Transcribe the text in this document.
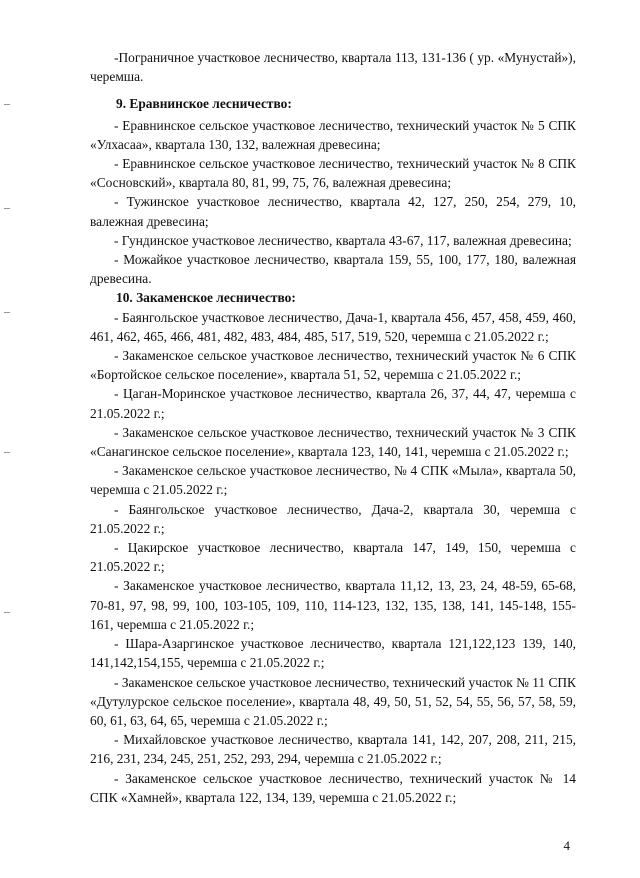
-Пограничное участковое лесничество, квартала 113, 131-136 ( ур. «Мунустай»), черемша.

9. Еравнинское лесничество:

- Еравнинское сельское участковое лесничество, технический участок № 5 СПК «Улхасаа», квартала 130, 132, валежная древесина;

- Еравнинское сельское участковое лесничество, технический участок № 8 СПК «Сосновский», квартала 80, 81, 99, 75, 76, валежная древесина;

- Тужинское участковое лесничество, квартала 42, 127, 250, 254, 279, 10, валежная древесина;

- Гундинское участковое лесничество, квартала 43-67, 117, валежная древесина;

- Можайкое участковое лесничество, квартала 159, 55, 100, 177, 180, валежная древесина.

10. Закаменское лесничество:

- Баянгольское участковое лесничество, Дача-1, квартала 456, 457, 458, 459, 460, 461, 462, 465, 466, 481, 482, 483, 484, 485, 517, 519, 520, черемша с 21.05.2022 г.;

- Закаменское сельское участковое лесничество, технический участок № 6 СПК «Бортойское сельское поселение», квартала 51, 52, черемша с 21.05.2022 г.;

- Цаган-Моринское участковое лесничество, квартала 26, 37, 44, 47, черемша с 21.05.2022 г.;

- Закаменское сельское участковое лесничество, технический участок № 3 СПК «Санагинское сельское поселение», квартала 123, 140, 141, черемша с 21.05.2022 г.;

- Закаменское сельское участковое лесничество, № 4 СПК «Мыла», квартала 50, черемша с 21.05.2022 г.;

- Баянгольское участковое лесничество, Дача-2, квартала 30, черемша с 21.05.2022 г.;

- Цакирское участковое лесничество, квартала 147, 149, 150, черемша с 21.05.2022 г.;

- Закаменское участковое лесничество, квартала 11,12, 13, 23, 24, 48-59, 65-68, 70-81, 97, 98, 99, 100, 103-105, 109, 110, 114-123, 132, 135, 138, 141, 145-148, 155-161, черемша с 21.05.2022 г.;

- Шара-Азаргинское участковое лесничество, квартала 121,122,123 139, 140, 141,142,154,155, черемша с 21.05.2022 г.;

- Закаменское сельское участковое лесничество, технический участок № 11 СПК «Дутулурское сельское поселение», квартала 48, 49, 50, 51, 52, 54, 55, 56, 57, 58, 59, 60, 61, 63, 64, 65, черемша с 21.05.2022 г.;

- Михайловское участковое лесничество, квартала 141, 142, 207, 208, 211, 215, 216, 231, 234, 245, 251, 252, 293, 294, черемша с 21.05.2022 г.;

- Закаменское сельское участковое лесничество, технический участок № 14 СПК «Хамней», квартала 122, 134, 139, черемша с 21.05.2022 г.;

4
